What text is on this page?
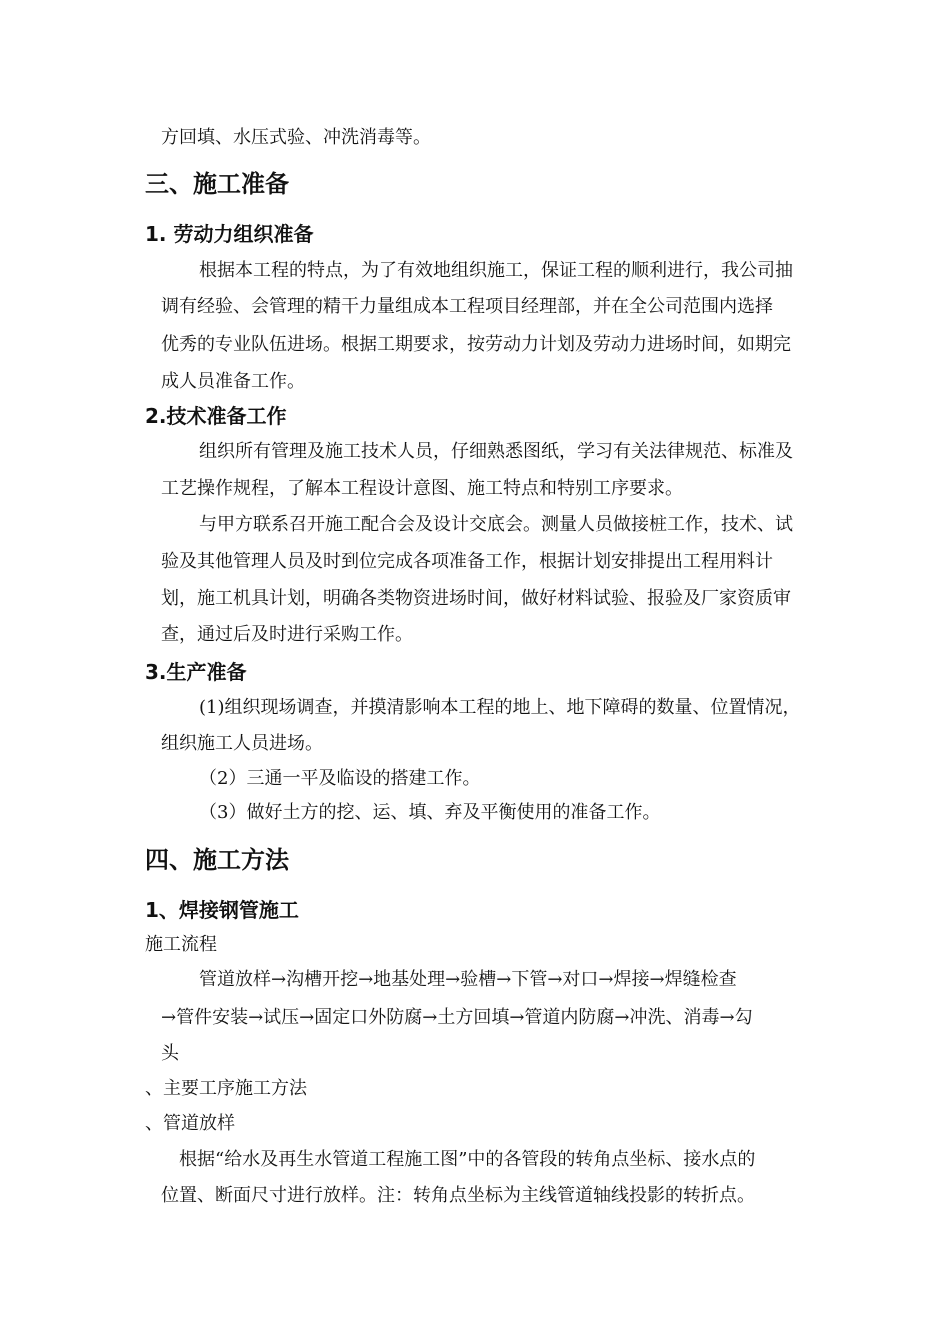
方回填、水压式验、冲洗消毒等。
三、施工准备
1. 劳动力组织准备
根据本工程的特点，为了有效地组织施工，保证工程的顺利进行，我公司抽
调有经验、会管理的精干力量组成本工程项目经理部，并在全公司范围内选择
优秀的专业队伍进场。根据工期要求，按劳动力计划及劳动力进场时间，如期完
成人员准备工作。
2.技术准备工作
组织所有管理及施工技术人员，仔细熟悉图纸，学习有关法律规范、标准及
工艺操作规程，了解本工程设计意图、施工特点和特别工序要求。
与甲方联系召开施工配合会及设计交底会。测量人员做接桩工作，技术、试
验及其他管理人员及时到位完成各项准备工作，根据计划安排提出工程用料计
划，施工机具计划，明确各类物资进场时间，做好材料试验、报验及厂家资质审
查，通过后及时进行采购工作。
3.生产准备
(1)组织现场调查，并摸清影响本工程的地上、地下障碍的数量、位置情况，
组织施工人员进场。
（2）三通一平及临设的搭建工作。
（3）做好土方的挖、运、填、弃及平衡使用的准备工作。
四、施工方法
1、焊接钢管施工
施工流程
管道放样→沟槽开挖→地基处理→验槽→下管→对口→焊接→焊缝检查
→管件安装→试压→固定口外防腐→土方回填→管道内防腐→冲洗、消毒→勾
头
、主要工序施工方法
、管道放样
根据“给水及再生水管道工程施工图”中的各管段的转角点坐标、接水点的
位置、断面尺寸进行放样。注：转角点坐标为主线管道轴线投影的转折点。
